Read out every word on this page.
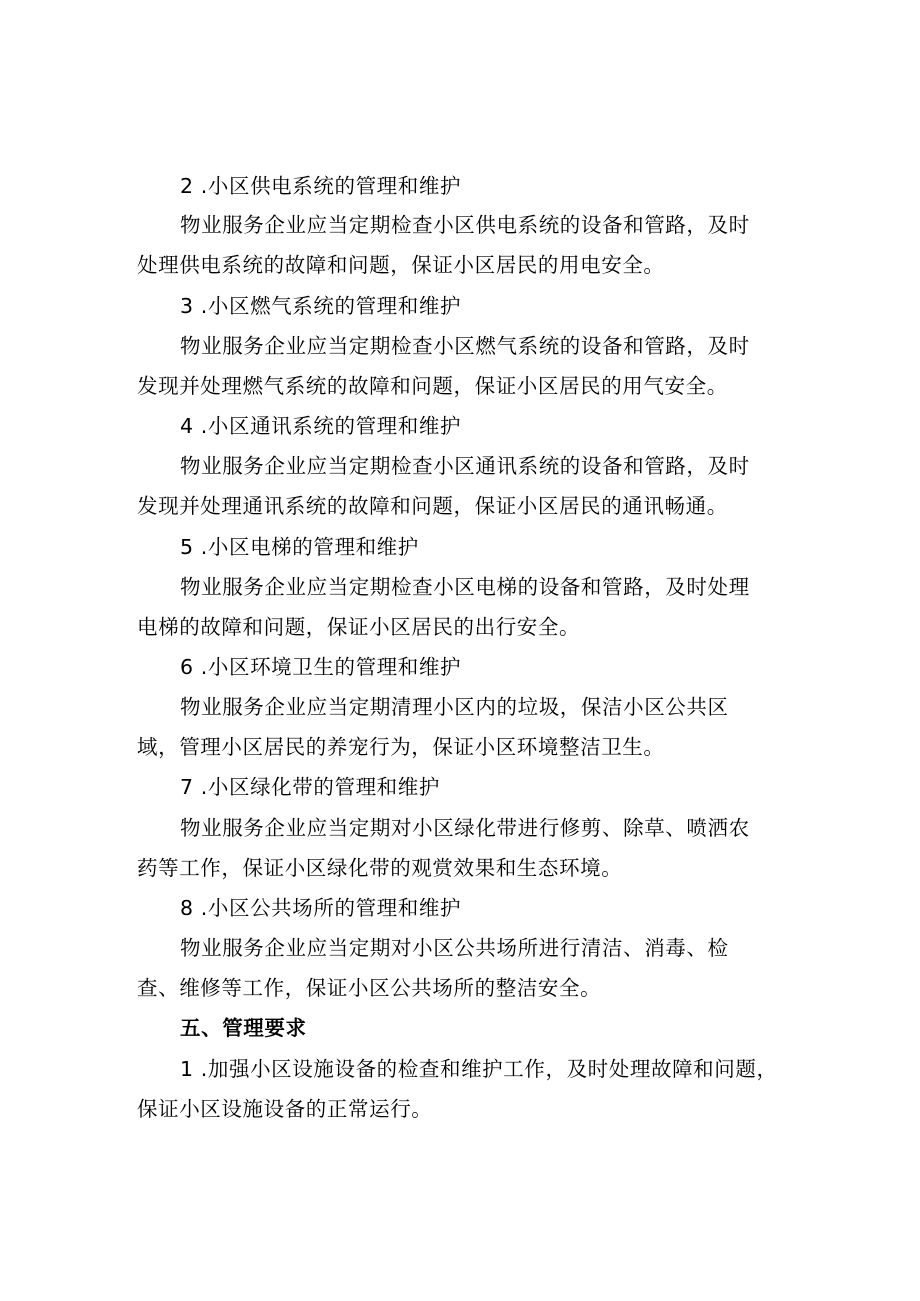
2 .小区供电系统的管理和维护
物业服务企业应当定期检查小区供电系统的设备和管路，及时
处理供电系统的故障和问题，保证小区居民的用电安全。
3 .小区燃气系统的管理和维护
物业服务企业应当定期检查小区燃气系统的设备和管路，及时
发现并处理燃气系统的故障和问题，保证小区居民的用气安全。
4 .小区通讯系统的管理和维护
物业服务企业应当定期检查小区通讯系统的设备和管路，及时
发现并处理通讯系统的故障和问题，保证小区居民的通讯畅通。
5 .小区电梯的管理和维护
物业服务企业应当定期检查小区电梯的设备和管路，及时处理
电梯的故障和问题，保证小区居民的出行安全。
6 .小区环境卫生的管理和维护
物业服务企业应当定期清理小区内的垃圾，保洁小区公共区
域，管理小区居民的养宠行为，保证小区环境整洁卫生。
7 .小区绿化带的管理和维护
物业服务企业应当定期对小区绿化带进行修剪、除草、喷洒农
药等工作，保证小区绿化带的观赏效果和生态环境。
8 .小区公共场所的管理和维护
物业服务企业应当定期对小区公共场所进行清洁、消毒、检
查、维修等工作，保证小区公共场所的整洁安全。
五、管理要求
1 .加强小区设施设备的检查和维护工作，及时处理故障和问题，
保证小区设施设备的正常运行。
